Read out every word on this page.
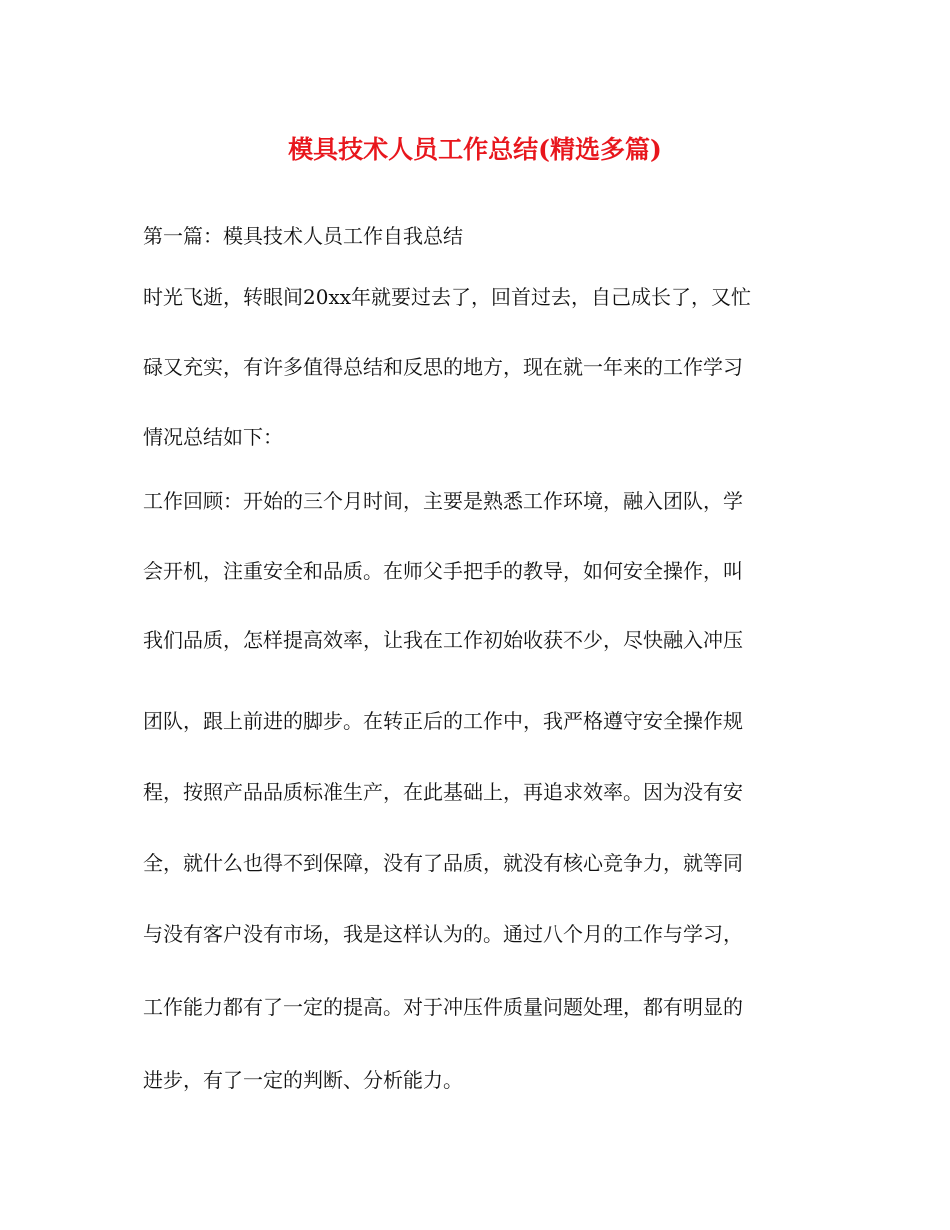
模具技术人员工作总结(精选多篇)
第一篇：模具技术人员工作自我总结
时光飞逝，转眼间20xx年就要过去了，回首过去，自己成长了，又忙
碌又充实，有许多值得总结和反思的地方，现在就一年来的工作学习
情况总结如下：
工作回顾：开始的三个月时间，主要是熟悉工作环境，融入团队，学
会开机，注重安全和品质。在师父手把手的教导，如何安全操作，叫
我们品质，怎样提高效率，让我在工作初始收获不少，尽快融入冲压
团队，跟上前进的脚步。在转正后的工作中，我严格遵守安全操作规
程，按照产品品质标准生产，在此基础上，再追求效率。因为没有安
全，就什么也得不到保障，没有了品质，就没有核心竞争力，就等同
与没有客户没有市场，我是这样认为的。通过八个月的工作与学习，
工作能力都有了一定的提高。对于冲压件质量问题处理，都有明显的
进步，有了一定的判断、分析能力。
